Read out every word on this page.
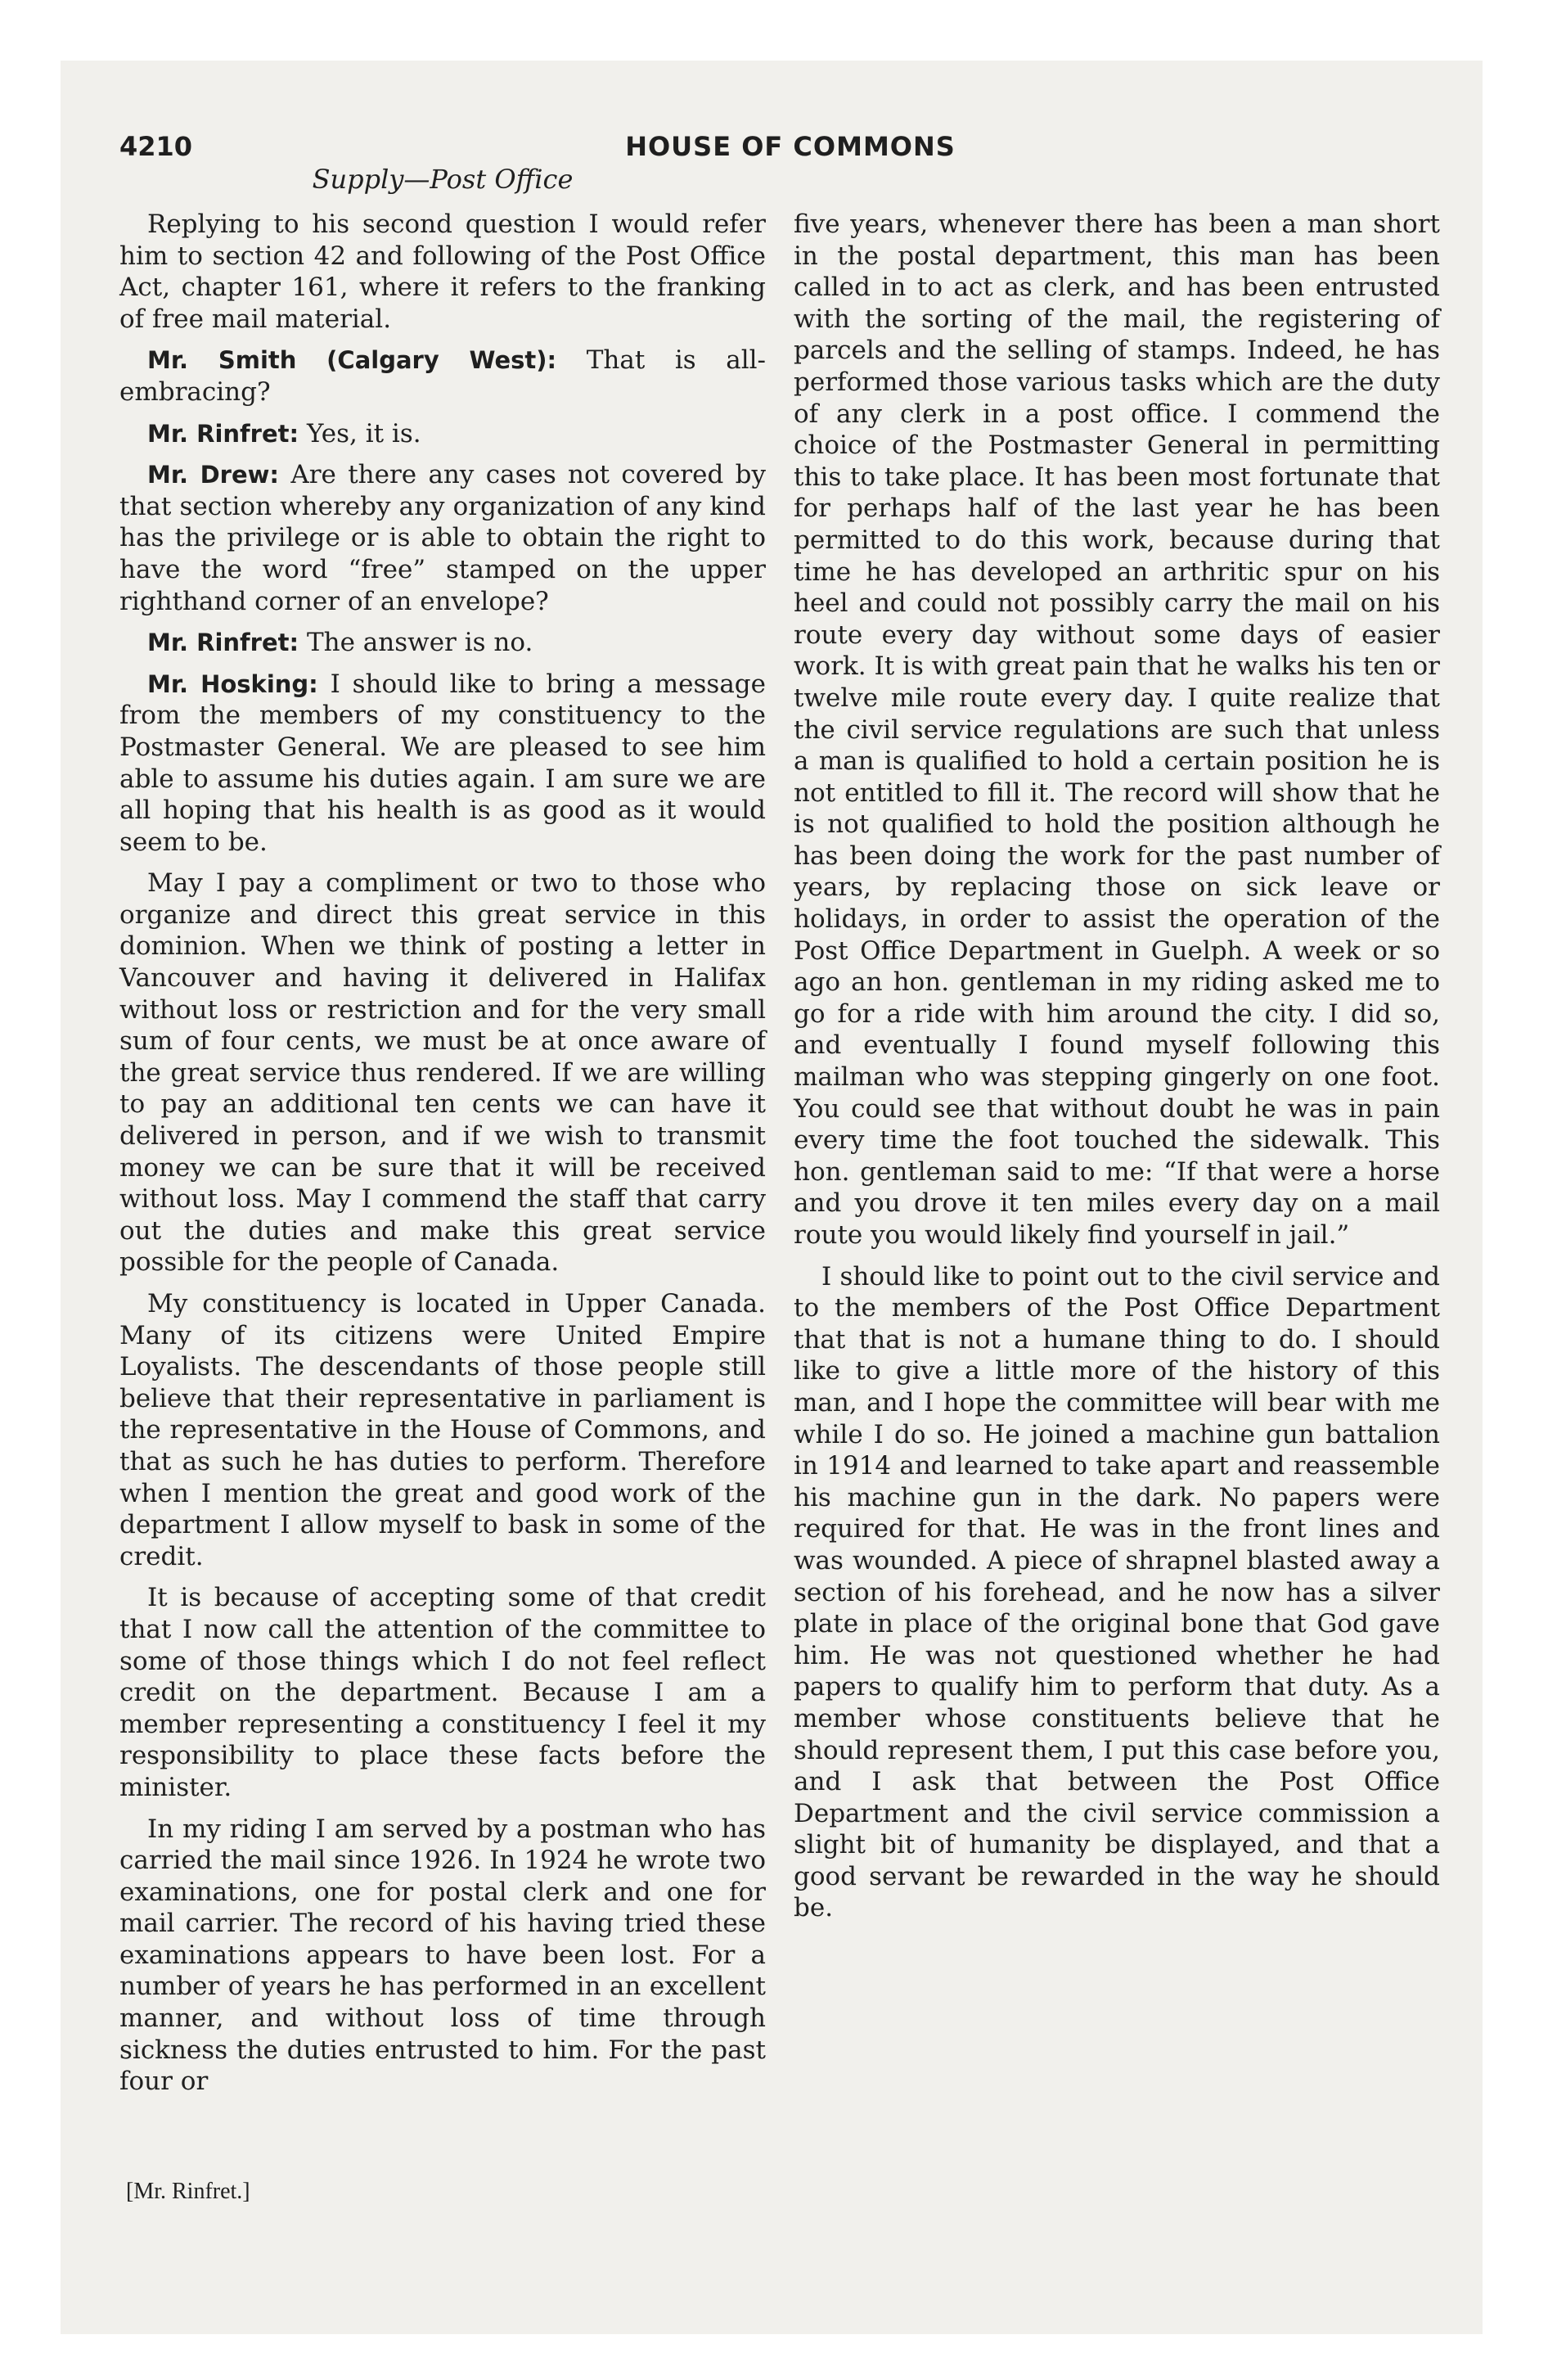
4210	HOUSE OF COMMONS
Supply—Post Office

Replying to his second question I would refer him to section 42 and following of the Post Office Act, chapter 161, where it refers to the franking of free mail material.

Mr. Smith (Calgary West): That is all-embracing?

Mr. Rinfret: Yes, it is.

Mr. Drew: Are there any cases not covered by that section whereby any organization of any kind has the privilege or is able to obtain the right to have the word “free” stamped on the upper righthand corner of an envelope?

Mr. Rinfret: The answer is no.

Mr. Hosking: I should like to bring a message from the members of my constituency to the Postmaster General. We are pleased to see him able to assume his duties again. I am sure we are all hoping that his health is as good as it would seem to be.

May I pay a compliment or two to those who organize and direct this great service in this dominion. When we think of posting a letter in Vancouver and having it delivered in Halifax without loss or restriction and for the very small sum of four cents, we must be at once aware of the great service thus rendered. If we are willing to pay an additional ten cents we can have it delivered in person, and if we wish to transmit money we can be sure that it will be received without loss. May I commend the staff that carry out the duties and make this great service possible for the people of Canada.

My constituency is located in Upper Canada. Many of its citizens were United Empire Loyalists. The descendants of those people still believe that their representative in parliament is the representative in the House of Commons, and that as such he has duties to perform. Therefore when I mention the great and good work of the department I allow myself to bask in some of the credit.

It is because of accepting some of that credit that I now call the attention of the committee to some of those things which I do not feel reflect credit on the department. Because I am a member representing a constituency I feel it my responsibility to place these facts before the minister.

In my riding I am served by a postman who has carried the mail since 1926. In 1924 he wrote two examinations, one for postal clerk and one for mail carrier. The record of his having tried these examinations appears to have been lost. For a number of years he has performed in an excellent manner, and without loss of time through sickness the duties entrusted to him. For the past four or

five years, whenever there has been a man short in the postal department, this man has been called in to act as clerk, and has been entrusted with the sorting of the mail, the registering of parcels and the selling of stamps. Indeed, he has performed those various tasks which are the duty of any clerk in a post office. I commend the choice of the Postmaster General in permitting this to take place. It has been most fortunate that for perhaps half of the last year he has been permitted to do this work, because during that time he has developed an arthritic spur on his heel and could not possibly carry the mail on his route every day without some days of easier work. It is with great pain that he walks his ten or twelve mile route every day. I quite realize that the civil service regulations are such that unless a man is qualified to hold a certain position he is not entitled to fill it. The record will show that he is not qualified to hold the position although he has been doing the work for the past number of years, by replacing those on sick leave or holidays, in order to assist the operation of the Post Office Department in Guelph. A week or so ago an hon. gentleman in my riding asked me to go for a ride with him around the city. I did so, and eventually I found myself following this mailman who was stepping gingerly on one foot. You could see that without doubt he was in pain every time the foot touched the sidewalk. This hon. gentleman said to me: “If that were a horse and you drove it ten miles every day on a mail route you would likely find yourself in jail.”

I should like to point out to the civil service and to the members of the Post Office Department that that is not a humane thing to do. I should like to give a little more of the history of this man, and I hope the committee will bear with me while I do so. He joined a machine gun battalion in 1914 and learned to take apart and reassemble his machine gun in the dark. No papers were required for that. He was in the front lines and was wounded. A piece of shrapnel blasted away a section of his forehead, and he now has a silver plate in place of the original bone that God gave him. He was not questioned whether he had papers to qualify him to perform that duty. As a member whose constituents believe that he should represent them, I put this case before you, and I ask that between the Post Office Department and the civil service commission a slight bit of humanity be displayed, and that a good servant be rewarded in the way he should be.

[Mr. Rinfret.]
